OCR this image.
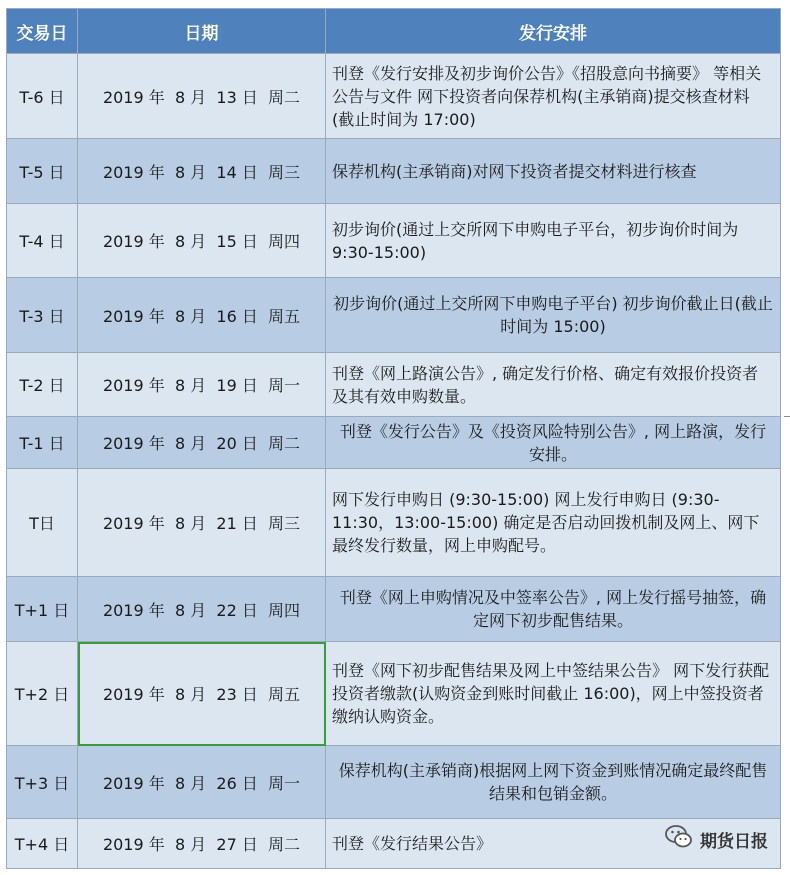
交易日	日期	发行安排
T-6 日	2019 年 8 月 13 日 周二	刊登《发行安排及初步询价公告》《招股意向书摘要》 等相关公告与文件 网下投资者向保荐机构(主承销商)提交核查材料 (截止时间为 17:00)
T-5 日	2019 年 8 月 14 日 周三	保荐机构(主承销商)对网下投资者提交材料进行核查
T-4 日	2019 年 8 月 15 日 周四	初步询价(通过上交所网下申购电子平台，初步询价时间为 9:30-15:00)
T-3 日	2019 年 8 月 16 日 周五	初步询价(通过上交所网下申购电子平台) 初步询价截止日(截止时间为 15:00)
T-2 日	2019 年 8 月 19 日 周一	刊登《网上路演公告》, 确定发行价格、确定有效报价投资者及其有效申购数量。
T-1 日	2019 年 8 月 20 日 周二	刊登《发行公告》及《投资风险特别公告》, 网上路演，发行安排。
T日	2019 年 8 月 21 日 周三	网下发行申购日 (9:30-15:00) 网上发行申购日 (9:30-11:30，13:00-15:00) 确定是否启动回拨机制及网上、网下最终发行数量，网上申购配号。
T+1 日	2019 年 8 月 22 日 周四	刊登《网上申购情况及中签率公告》, 网上发行摇号抽签，确定网下初步配售结果。
T+2 日	2019 年 8 月 23 日 周五	刊登《网下初步配售结果及网上中签结果公告》 网下发行获配投资者缴款(认购资金到账时间截止 16:00)，网上中签投资者缴纳认购资金。
T+3 日	2019 年 8 月 26 日 周一	保荐机构(主承销商)根据网上网下资金到账情况确定最终配售结果和包销金额。
T+4 日	2019 年 8 月 27 日 周二	刊登《发行结果公告》	期货日报
